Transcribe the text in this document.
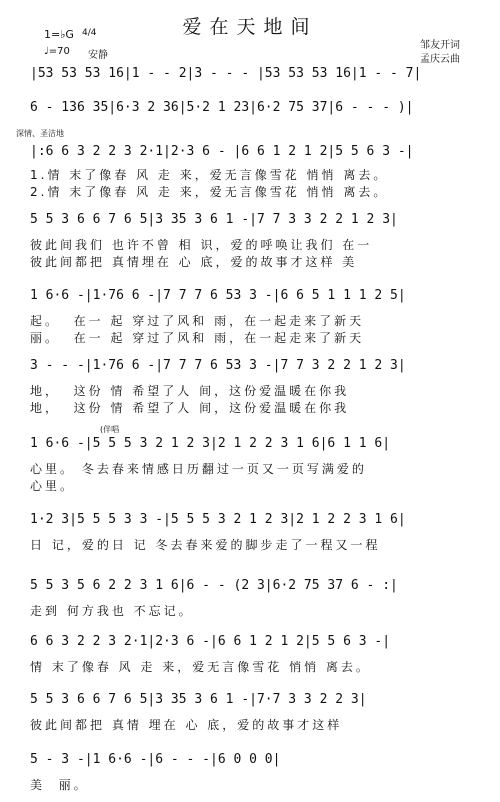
爱在天地间
1=♭G 4/4
♩=70 安静
邹友开词
孟庆云曲
深情、圣洁地
(伴唱
|53 53 53 16|1 - - 2|3 - - - |53 53 53 16|1 - - 7|
6 - 136 35|6·3 2 36|5·2 1 23|6·2 75 37|6 - - - )|
|:6 6 3 2 2 3 2·1|2·3 6 - |6 6 1 2 1 2|5 5 6 3 -|
1.情 末了像春 风 走 来，爱无言像雪花 悄悄 离去。
2.情 末了像春 风 走 来，爱无言像雪花 悄悄 离去。
5 5 3 6 6 7 6 5|3 35 3 6 1 -|7 7 3 3 2 2 1 2 3|
彼此间我们 也许不曾 相 识，爱的呼唤让我们 在一
彼此间都把 真情埋在 心 底，爱的故事才这样 美
1 6·6 -|1·76 6 -|7 7 7 6 53 3 -|6 6 5 1 1 1 2 5|
起。  在一 起 穿过了风和 雨，在一起走来了新天
丽。  在一 起 穿过了风和 雨，在一起走来了新天
3 - - -|1·76 6 -|7 7 7 6 53 3 -|7 7 3 2 2 1 2 3|
地，  这份 情 希望了人 间，这份爱温暖在你我
地，  这份 情 希望了人 间，这份爱温暖在你我
1 6·6 -|5 5 5 3 2 1 2 3|2 1 2 2 3 1 6|6 1 1 6|
心里。 冬去春来情感日历翻过一页又一页写满爱的
心里。
1·2 3|5 5 5 3 3 -|5 5 5 3 2 1 2 3|2 1 2 2 3 1 6|
日 记，爱的日 记 冬去春来爱的脚步走了一程又一程
5 5 3 5 6 2 2 3 1 6|6 - - (2 3|6·2 75 37 6 - :|
走到 何方我也 不忘记。
6 6 3 2 2 3 2·1|2·3 6 -|6 6 1 2 1 2|5 5 6 3 -|
情 末了像春 风 走 来，爱无言像雪花 悄悄 离去。
5 5 3 6 6 7 6 5|3 35 3 6 1 -|7·7 3 3 2 2 3|
彼此间都把 真情 埋在 心 底，爱的故事才这样
5 - 3 -|1 6·6 -|6 - - -|6 0 0 0|
美  丽。
